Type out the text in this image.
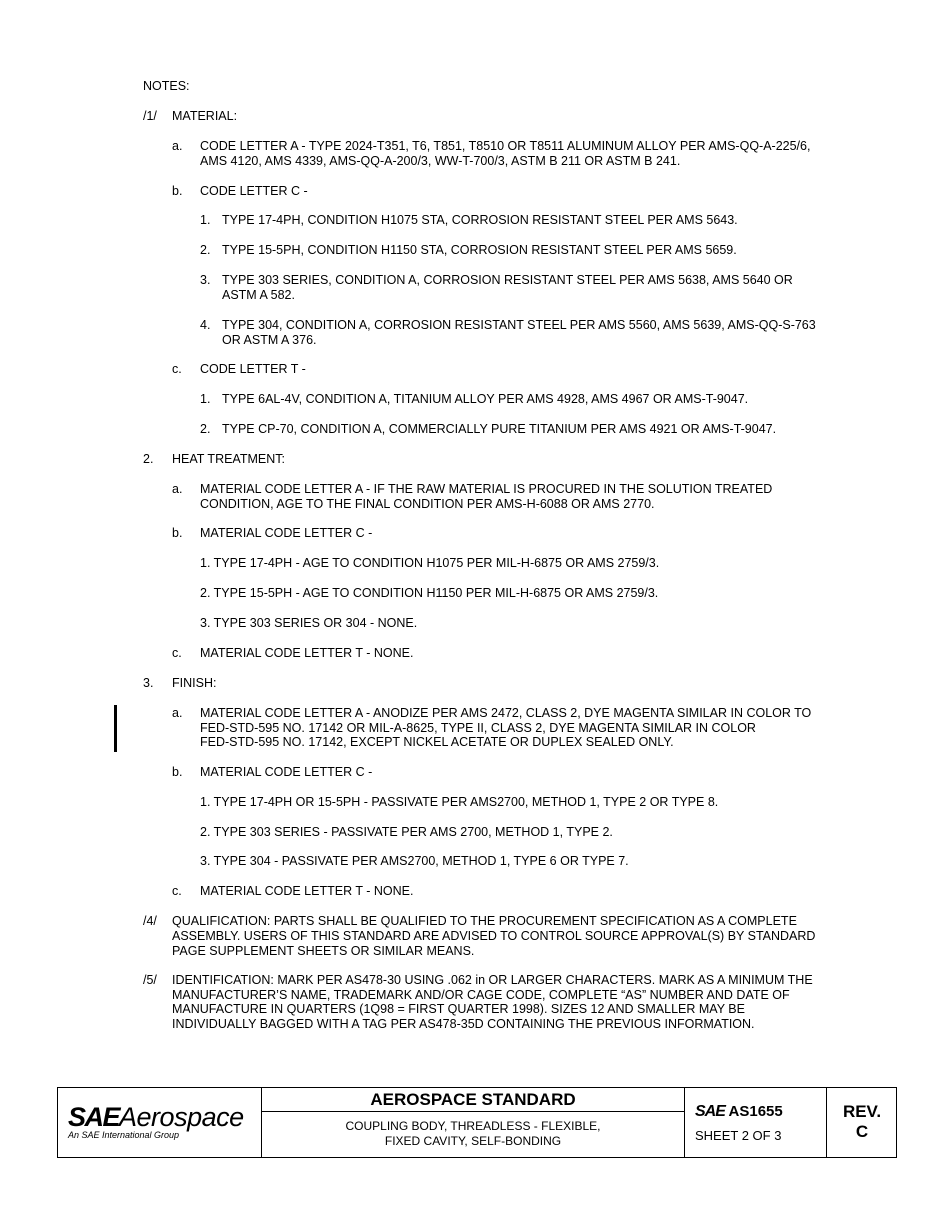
NOTES:
/1/ MATERIAL:
a. CODE LETTER A - TYPE 2024-T351, T6, T851, T8510 OR T8511 ALUMINUM ALLOY PER AMS-QQ-A-225/6,
AMS 4120, AMS 4339, AMS-QQ-A-200/3, WW-T-700/3, ASTM B 211 OR ASTM B 241.
b. CODE LETTER C -
1. TYPE 17-4PH, CONDITION H1075 STA, CORROSION RESISTANT STEEL PER AMS 5643.
2. TYPE 15-5PH, CONDITION H1150 STA, CORROSION RESISTANT STEEL PER AMS 5659.
3. TYPE 303 SERIES, CONDITION A, CORROSION RESISTANT STEEL PER AMS 5638, AMS 5640 OR
ASTM A 582.
4. TYPE 304, CONDITION A, CORROSION RESISTANT STEEL PER AMS 5560, AMS 5639, AMS-QQ-S-763
OR ASTM A 376.
c. CODE LETTER T -
1. TYPE 6AL-4V, CONDITION A, TITANIUM ALLOY PER AMS 4928, AMS 4967 OR AMS-T-9047.
2. TYPE CP-70, CONDITION A, COMMERCIALLY PURE TITANIUM PER AMS 4921 OR AMS-T-9047.
2. HEAT TREATMENT:
a. MATERIAL CODE LETTER A - IF THE RAW MATERIAL IS PROCURED IN THE SOLUTION TREATED
CONDITION, AGE TO THE FINAL CONDITION PER AMS-H-6088 OR AMS 2770.
b. MATERIAL CODE LETTER C -
1. TYPE 17-4PH - AGE TO CONDITION H1075 PER MIL-H-6875 OR AMS 2759/3.
2. TYPE 15-5PH - AGE TO CONDITION H1150 PER MIL-H-6875 OR AMS 2759/3.
3. TYPE 303 SERIES OR 304 - NONE.
c. MATERIAL CODE LETTER T - NONE.
3. FINISH:
a. MATERIAL CODE LETTER A - ANODIZE PER AMS 2472, CLASS 2, DYE MAGENTA SIMILAR IN COLOR TO
FED-STD-595 NO. 17142 OR MIL-A-8625, TYPE II, CLASS 2, DYE MAGENTA SIMILAR IN COLOR
FED-STD-595 NO. 17142, EXCEPT NICKEL ACETATE OR DUPLEX SEALED ONLY.
b. MATERIAL CODE LETTER C -
1. TYPE 17-4PH OR 15-5PH - PASSIVATE PER AMS2700, METHOD 1, TYPE 2 OR TYPE 8.
2. TYPE 303 SERIES - PASSIVATE PER AMS 2700, METHOD 1, TYPE 2.
3. TYPE 304 - PASSIVATE PER AMS2700, METHOD 1, TYPE 6 OR TYPE 7.
c. MATERIAL CODE LETTER T - NONE.
/4/ QUALIFICATION: PARTS SHALL BE QUALIFIED TO THE PROCUREMENT SPECIFICATION AS A COMPLETE
ASSEMBLY. USERS OF THIS STANDARD ARE ADVISED TO CONTROL SOURCE APPROVAL(S) BY STANDARD
PAGE SUPPLEMENT SHEETS OR SIMILAR MEANS.
/5/ IDENTIFICATION: MARK PER AS478-30 USING .062 in OR LARGER CHARACTERS. MARK AS A MINIMUM THE
MANUFACTURER’S NAME, TRADEMARK AND/OR CAGE CODE, COMPLETE “AS” NUMBER AND DATE OF
MANUFACTURE IN QUARTERS (1Q98 = FIRST QUARTER 1998). SIZES 12 AND SMALLER MAY BE
INDIVIDUALLY BAGGED WITH A TAG PER AS478-35D CONTAINING THE PREVIOUS INFORMATION.
SAEAerospace
An SAE International Group
AEROSPACE STANDARD
COUPLING BODY, THREADLESS - FLEXIBLE,
FIXED CAVITY, SELF-BONDING
SAE AS1655
SHEET 2 OF 3
REV.
C
